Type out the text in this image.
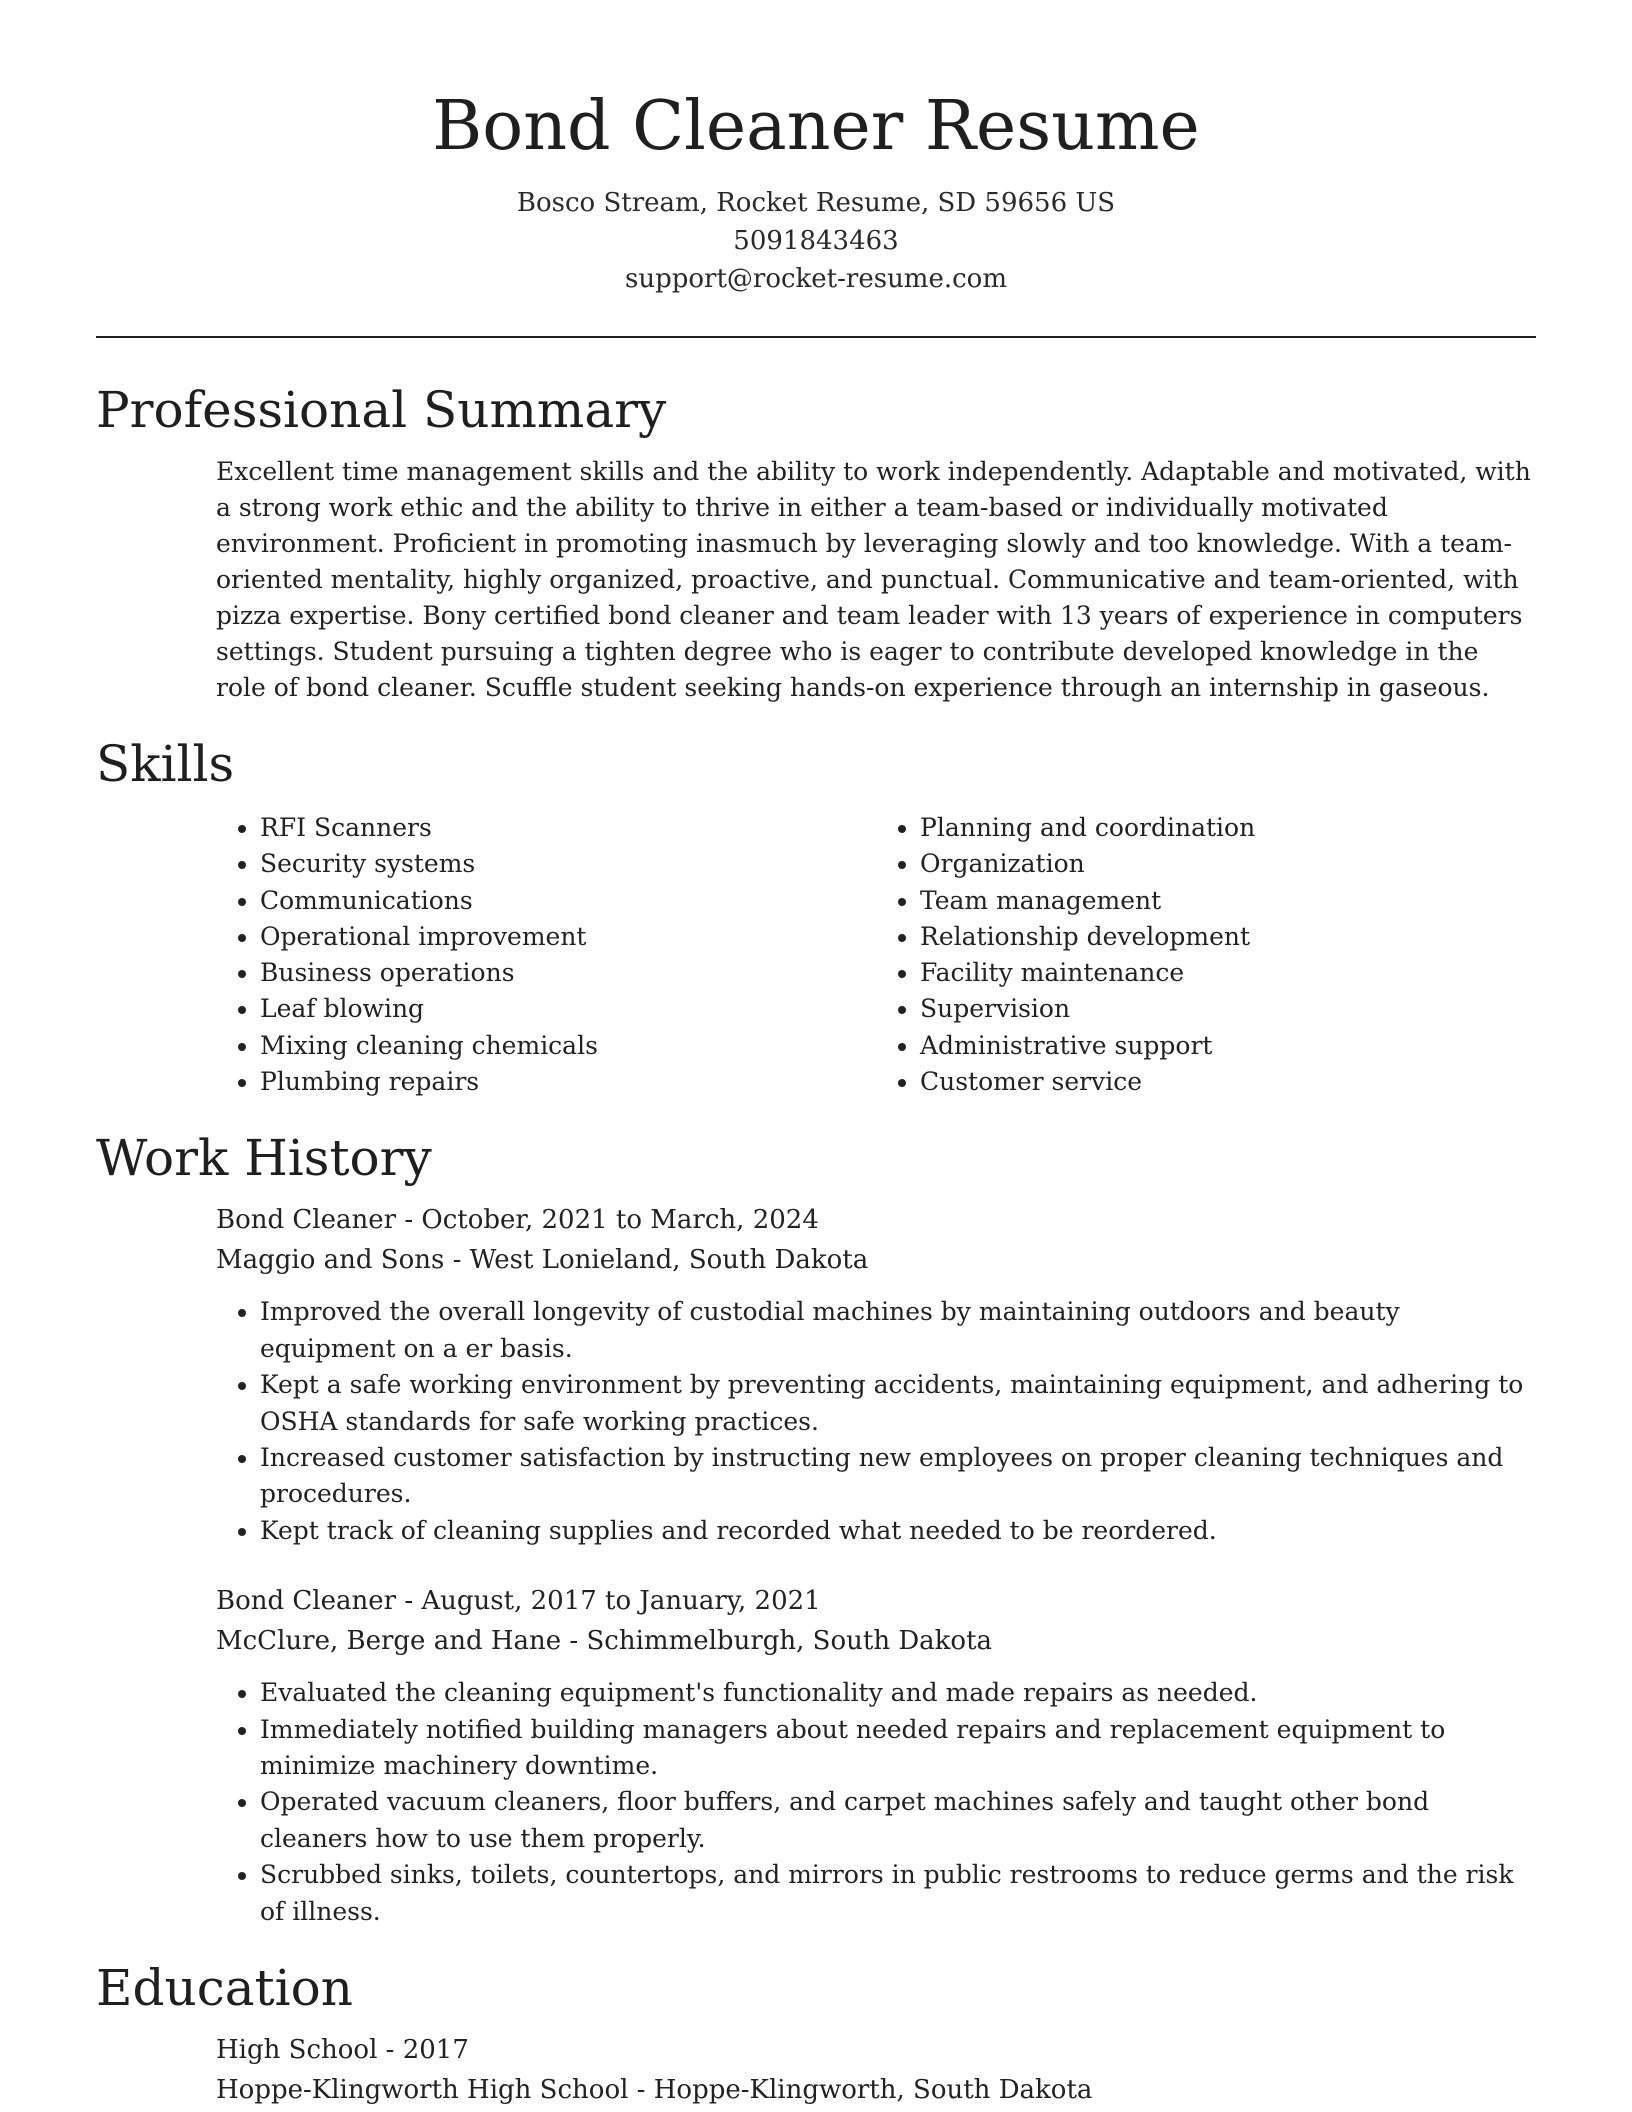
Bond Cleaner Resume
Bosco Stream, Rocket Resume, SD 59656 US
5091843463
support@rocket-resume.com
Professional Summary

Excellent time management skills and the ability to work independently. Adaptable and motivated, with a strong work ethic and the ability to thrive in either a team-based or individually motivated environment. Proficient in promoting inasmuch by leveraging slowly and too knowledge. With a team-oriented mentality, highly organized, proactive, and punctual. Communicative and team-oriented, with pizza expertise. Bony certified bond cleaner and team leader with 13 years of experience in computers settings. Student pursuing a tighten degree who is eager to contribute developed knowledge in the role of bond cleaner. Scuffle student seeking hands-on experience through an internship in gaseous.

Skills
• RFI Scanners
• Security systems
• Communications
• Operational improvement
• Business operations
• Leaf blowing
• Mixing cleaning chemicals
• Plumbing repairs
• Planning and coordination
• Organization
• Team management
• Relationship development
• Facility maintenance
• Supervision
• Administrative support
• Customer service
Work History

Bond Cleaner - October, 2021 to March, 2024

Maggio and Sons - West Lonieland, South Dakota

• Improved the overall longevity of custodial machines by maintaining outdoors and beauty equipment on a er basis.
• Kept a safe working environment by preventing accidents, maintaining equipment, and adhering to OSHA standards for safe working practices.
• Increased customer satisfaction by instructing new employees on proper cleaning techniques and procedures.
• Kept track of cleaning supplies and recorded what needed to be reordered.

Bond Cleaner - August, 2017 to January, 2021

McClure, Berge and Hane - Schimmelburgh, South Dakota

• Evaluated the cleaning equipment's functionality and made repairs as needed.
• Immediately notified building managers about needed repairs and replacement equipment to minimize machinery downtime.
• Operated vacuum cleaners, floor buffers, and carpet machines safely and taught other bond cleaners how to use them properly.
• Scrubbed sinks, toilets, countertops, and mirrors in public restrooms to reduce germs and the risk of illness.
Education

High School - 2017

Hoppe-Klingworth High School - Hoppe-Klingworth, South Dakota
